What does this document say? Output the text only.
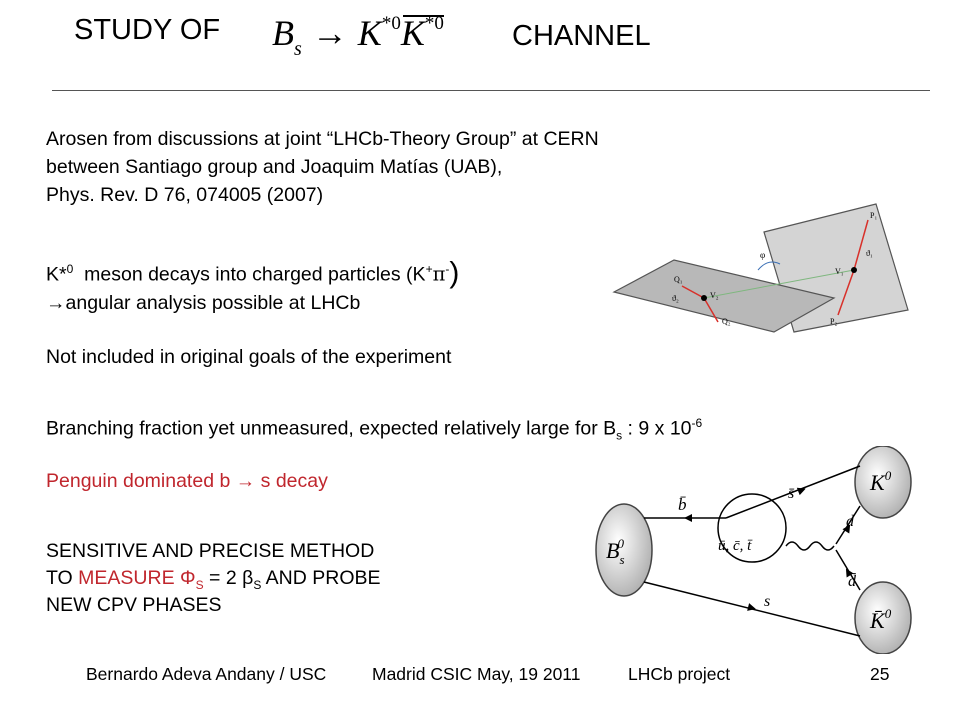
STUDY OF $B_s \to K^{*0}K^{*0}$ CHANNEL
Arosen from discussions at joint “LHCb-Theory Group” at CERN
between Santiago group and Joaquim Matías (UAB),
Phys. Rev. D 76, 074005 (2007)
K*$^0$ meson decays into charged particles (K+π-)
→angular analysis possible at LHCb
Not included in original goals of the experiment
Branching fraction yet unmeasured, expected relatively large for $B_s$ : 9 x $10^{-6}$
Penguin dominated b → s decay
SENSITIVE AND PRECISE METHOD
TO MEASURE $\Phi_S = 2$ $\beta_S$ AND PROBE
NEW CPV PHASES
P₁
ϑ₁
V₁
P₂
φ
Q₁
ϑ₂	V₂
Q₂
$B_s0$
b̄
s̄
ū, c̄, t̄
d
d̄
s
$K^0$
K̄$^0$
Bernardo Adeva Andany / USC	Madrid CSIC May, 19 2011	LHCb project	25
